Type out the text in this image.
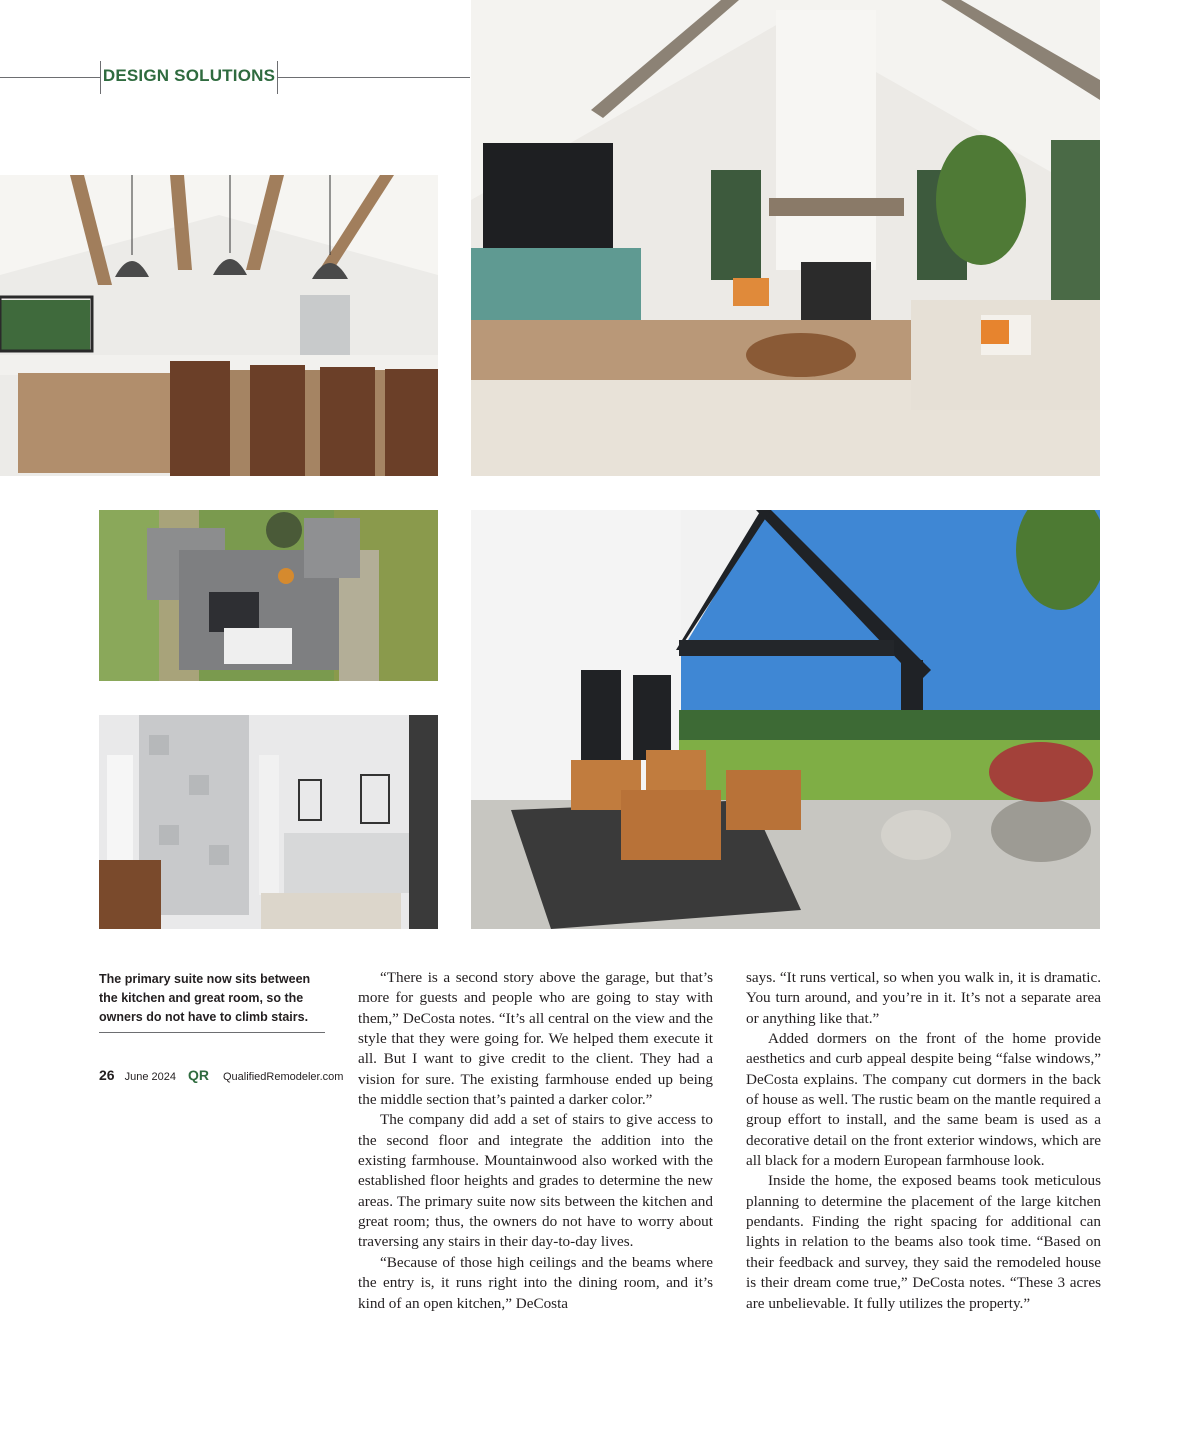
DESIGN SOLUTIONS
The primary suite now sits between the kitchen and great room, so the owners do not have to climb stairs.

“There is a second story above the garage, but that’s more for guests and people who are going to stay with them,” DeCosta notes. “It’s all central on the view and the style that they were going for. We helped them execute it all. But I want to give credit to the client. They had a vision for sure. The existing farmhouse ended up being the middle section that’s painted a darker color.”

The company did add a set of stairs to give access to the second floor and integrate the addition into the existing farmhouse. Mountainwood also worked with the established floor heights and grades to determine the new areas. The primary suite now sits between the kitchen and great room; thus, the owners do not have to worry about traversing any stairs in their day-to-day lives.

“Because of those high ceilings and the beams where the entry is, it runs right into the dining room, and it’s kind of an open kitchen,” DeCosta

says. “It runs vertical, so when you walk in, it is dramatic. You turn around, and you’re in it. It’s not a separate area or anything like that.”

Added dormers on the front of the home provide aesthetics and curb appeal despite being “false windows,” DeCosta explains. The company cut dormers in the back of house as well. The rustic beam on the mantle required a group effort to install, and the same beam is used as a decorative detail on the front exterior windows, which are all black for a modern European farmhouse look.

Inside the home, the exposed beams took meticulous planning to determine the placement of the large kitchen pendants. Finding the right spacing for additional can lights in relation to the beams also took time. “Based on their feedback and survey, they said the remodeled house is their dream come true,” DeCosta notes. “These 3 acres are unbelievable. It fully utilizes the property.”

26 June 2024 QR QualifiedRemodeler.com
